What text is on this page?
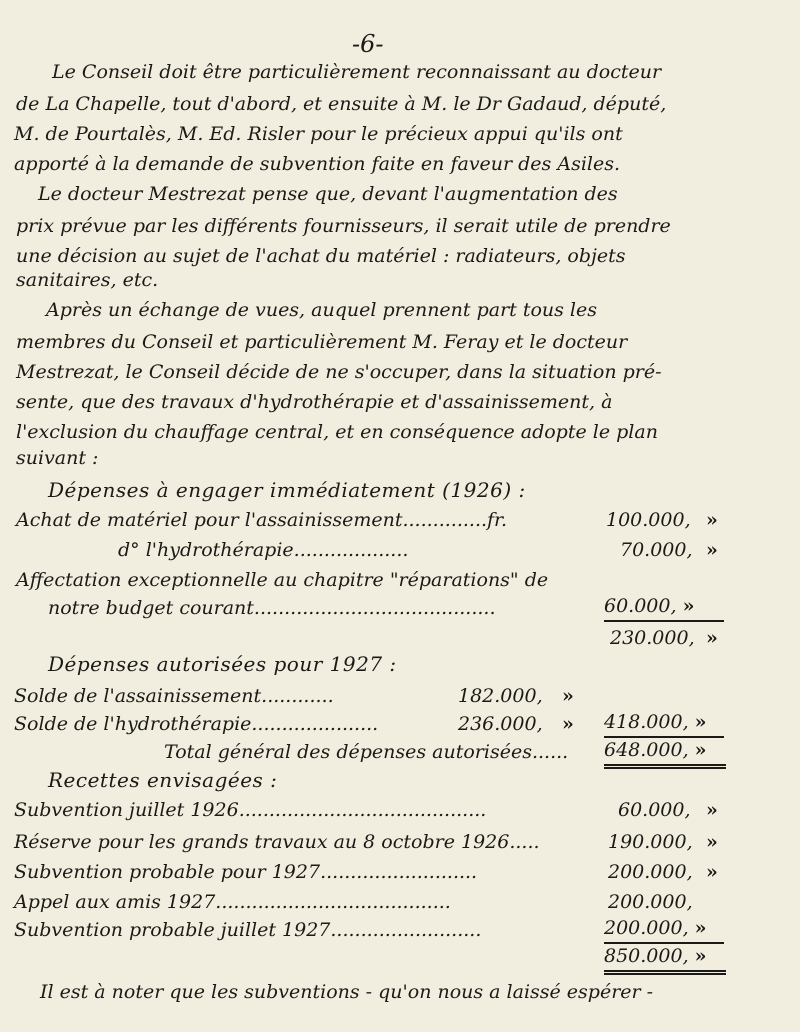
-6-
Le Conseil doit être particulièrement reconnaissant au docteur
de La Chapelle, tout d'abord, et ensuite à M. le Dr Gadaud, député,
M. de Pourtalès, M. Ed. Risler pour le précieux appui qu'ils ont
apporté à la demande de subvention faite en faveur des Asiles.
Le docteur Mestrezat pense que, devant l'augmentation des
prix prévue par les différents fournisseurs, il serait utile de prendre
une décision au sujet de l'achat du matériel : radiateurs, objets
sanitaires, etc.
Après un échange de vues, auquel prennent part tous les
membres du Conseil et particulièrement M. Feray et le docteur
Mestrezat, le Conseil décide de ne s'occuper, dans la situation pré-
sente, que des travaux d'hydrothérapie et d'assainissement, à
l'exclusion du chauffage central, et en conséquence adopte le plan
suivant :
Dépenses à engager immédiatement (1926) :
Achat de matériel pour l'assainissement..............fr.	100.000, »
d° l'hydrothérapie...................	70.000, »
Affectation exceptionnelle au chapitre "réparations" de
notre budget courant........................................	60.000, »
230.000, »
Dépenses autorisées pour 1927 :
Solde de l'assainissement............	182.000, »
Solde de l'hydrothérapie.....................	236.000, » 418.000, »
Total général des dépenses autorisées...... 648.000, »
Recettes envisagées :
Subvention juillet 1926.........................................	60.000, »
Réserve pour les grands travaux au 8 octobre 1926.....	190.000, »
Subvention probable pour 1927..........................	200.000, »
Appel aux amis 1927.......................................	200.000,
Subvention probable juillet 1927.........................	200.000, »
850.000, »
Il est à noter que les subventions - qu'on nous a laissé espérer -
